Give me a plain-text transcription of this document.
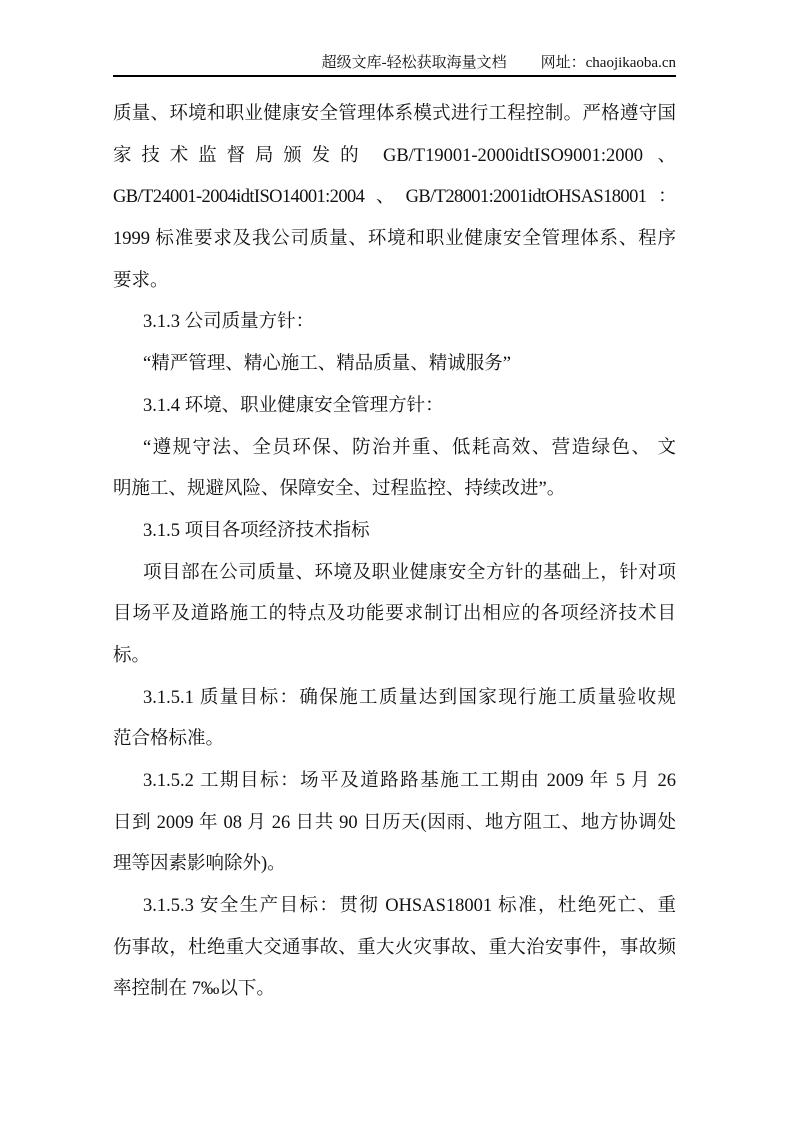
超级文库-轻松获取海量文档 网址：chaojikaoba.cn
质量、环境和职业健康安全管理体系模式进行工程控制。严格遵守国
家技术监督局颁发的 GB/T19001-2000idtISO9001:2000 、
GB/T24001-2004idtISO14001:2004、GB/T28001:2001idtOHSAS18001：
1999 标准要求及我公司质量、环境和职业健康安全管理体系、程序
要求。
3.1.3 公司质量方针：
“精严管理、精心施工、精品质量、精诚服务”
3.1.4 环境、职业健康安全管理方针：
“遵规守法、全员环保、防治并重、低耗高效、营造绿色、 文
明施工、规避风险、保障安全、过程监控、持续改进”。
3.1.5 项目各项经济技术指标
项目部在公司质量、环境及职业健康安全方针的基础上，针对项
目场平及道路施工的特点及功能要求制订出相应的各项经济技术目
标。
3.1.5.1 质量目标：确保施工质量达到国家现行施工质量验收规
范合格标准。
3.1.5.2 工期目标：场平及道路路基施工工期由 2009 年 5 月 26
日到 2009 年 08 月 26 日共 90 日历天(因雨、地方阻工、地方协调处
理等因素影响除外)。
3.1.5.3 安全生产目标：贯彻 OHSAS18001 标准，杜绝死亡、重
伤事故，杜绝重大交通事故、重大火灾事故、重大治安事件，事故频
率控制在 7‰以下。
